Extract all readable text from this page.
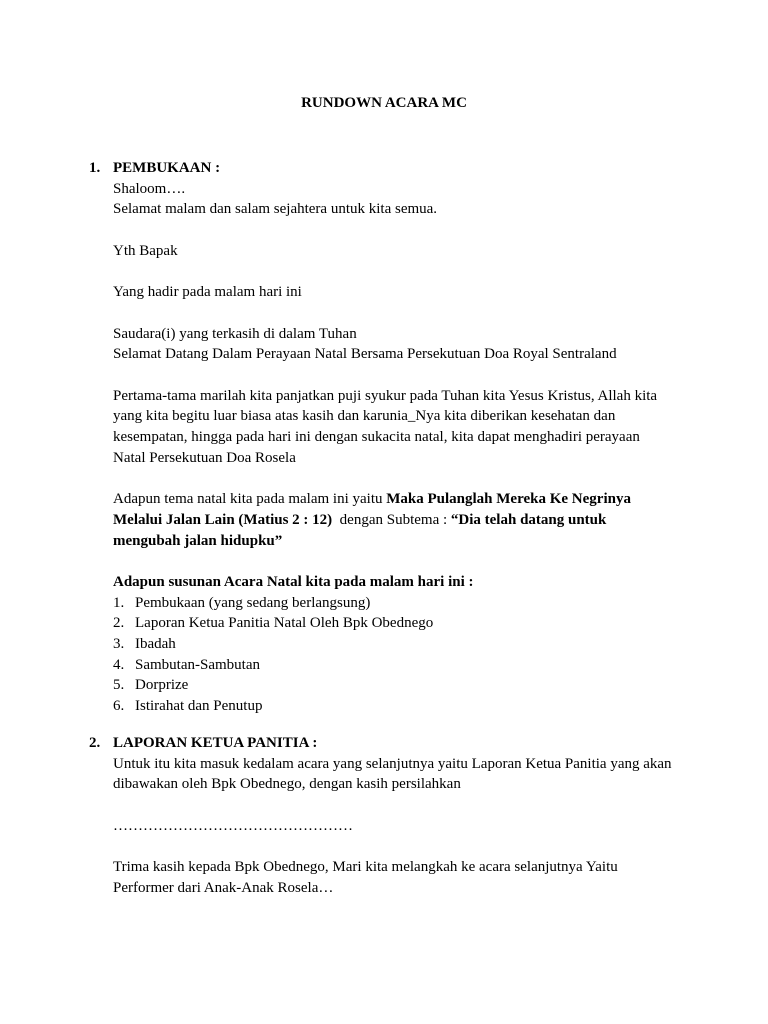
RUNDOWN ACARA MC
1. PEMBUKAAN :

Shaloom….

Selamat malam dan salam sejahtera untuk kita semua.

Yth Bapak

Yang hadir pada malam hari ini

Saudara(i) yang terkasih di dalam Tuhan

Selamat Datang Dalam Perayaan Natal Bersama Persekutuan Doa Royal Sentraland

Pertama-tama marilah kita panjatkan puji syukur pada Tuhan kita Yesus Kristus, Allah kita

yang kita begitu luar biasa atas kasih dan karunia_Nya kita diberikan kesehatan dan

kesempatan, hingga pada hari ini dengan sukacita natal, kita dapat menghadiri perayaan

Natal Persekutuan Doa Rosela

Adapun tema natal kita pada malam ini yaitu Maka Pulanglah Mereka Ke Negrinya

Melalui Jalan Lain (Matius 2 : 12)  dengan Subtema : “Dia telah datang untuk

mengubah jalan hidupku”

Adapun susunan Acara Natal kita pada malam hari ini :

1. Pembukaan (yang sedang berlangsung)
2. Laporan Ketua Panitia Natal Oleh Bpk Obednego
3. Ibadah
4. Sambutan-Sambutan
5. Dorprize
6. Istirahat dan Penutup
2. LAPORAN KETUA PANITIA :

Untuk itu kita masuk kedalam acara yang selanjutnya yaitu Laporan Ketua Panitia yang akan

dibawakan oleh Bpk Obednego, dengan kasih persilahkan

…………………………………………

Trima kasih kepada Bpk Obednego, Mari kita melangkah ke acara selanjutnya Yaitu

Performer dari Anak-Anak Rosela…
